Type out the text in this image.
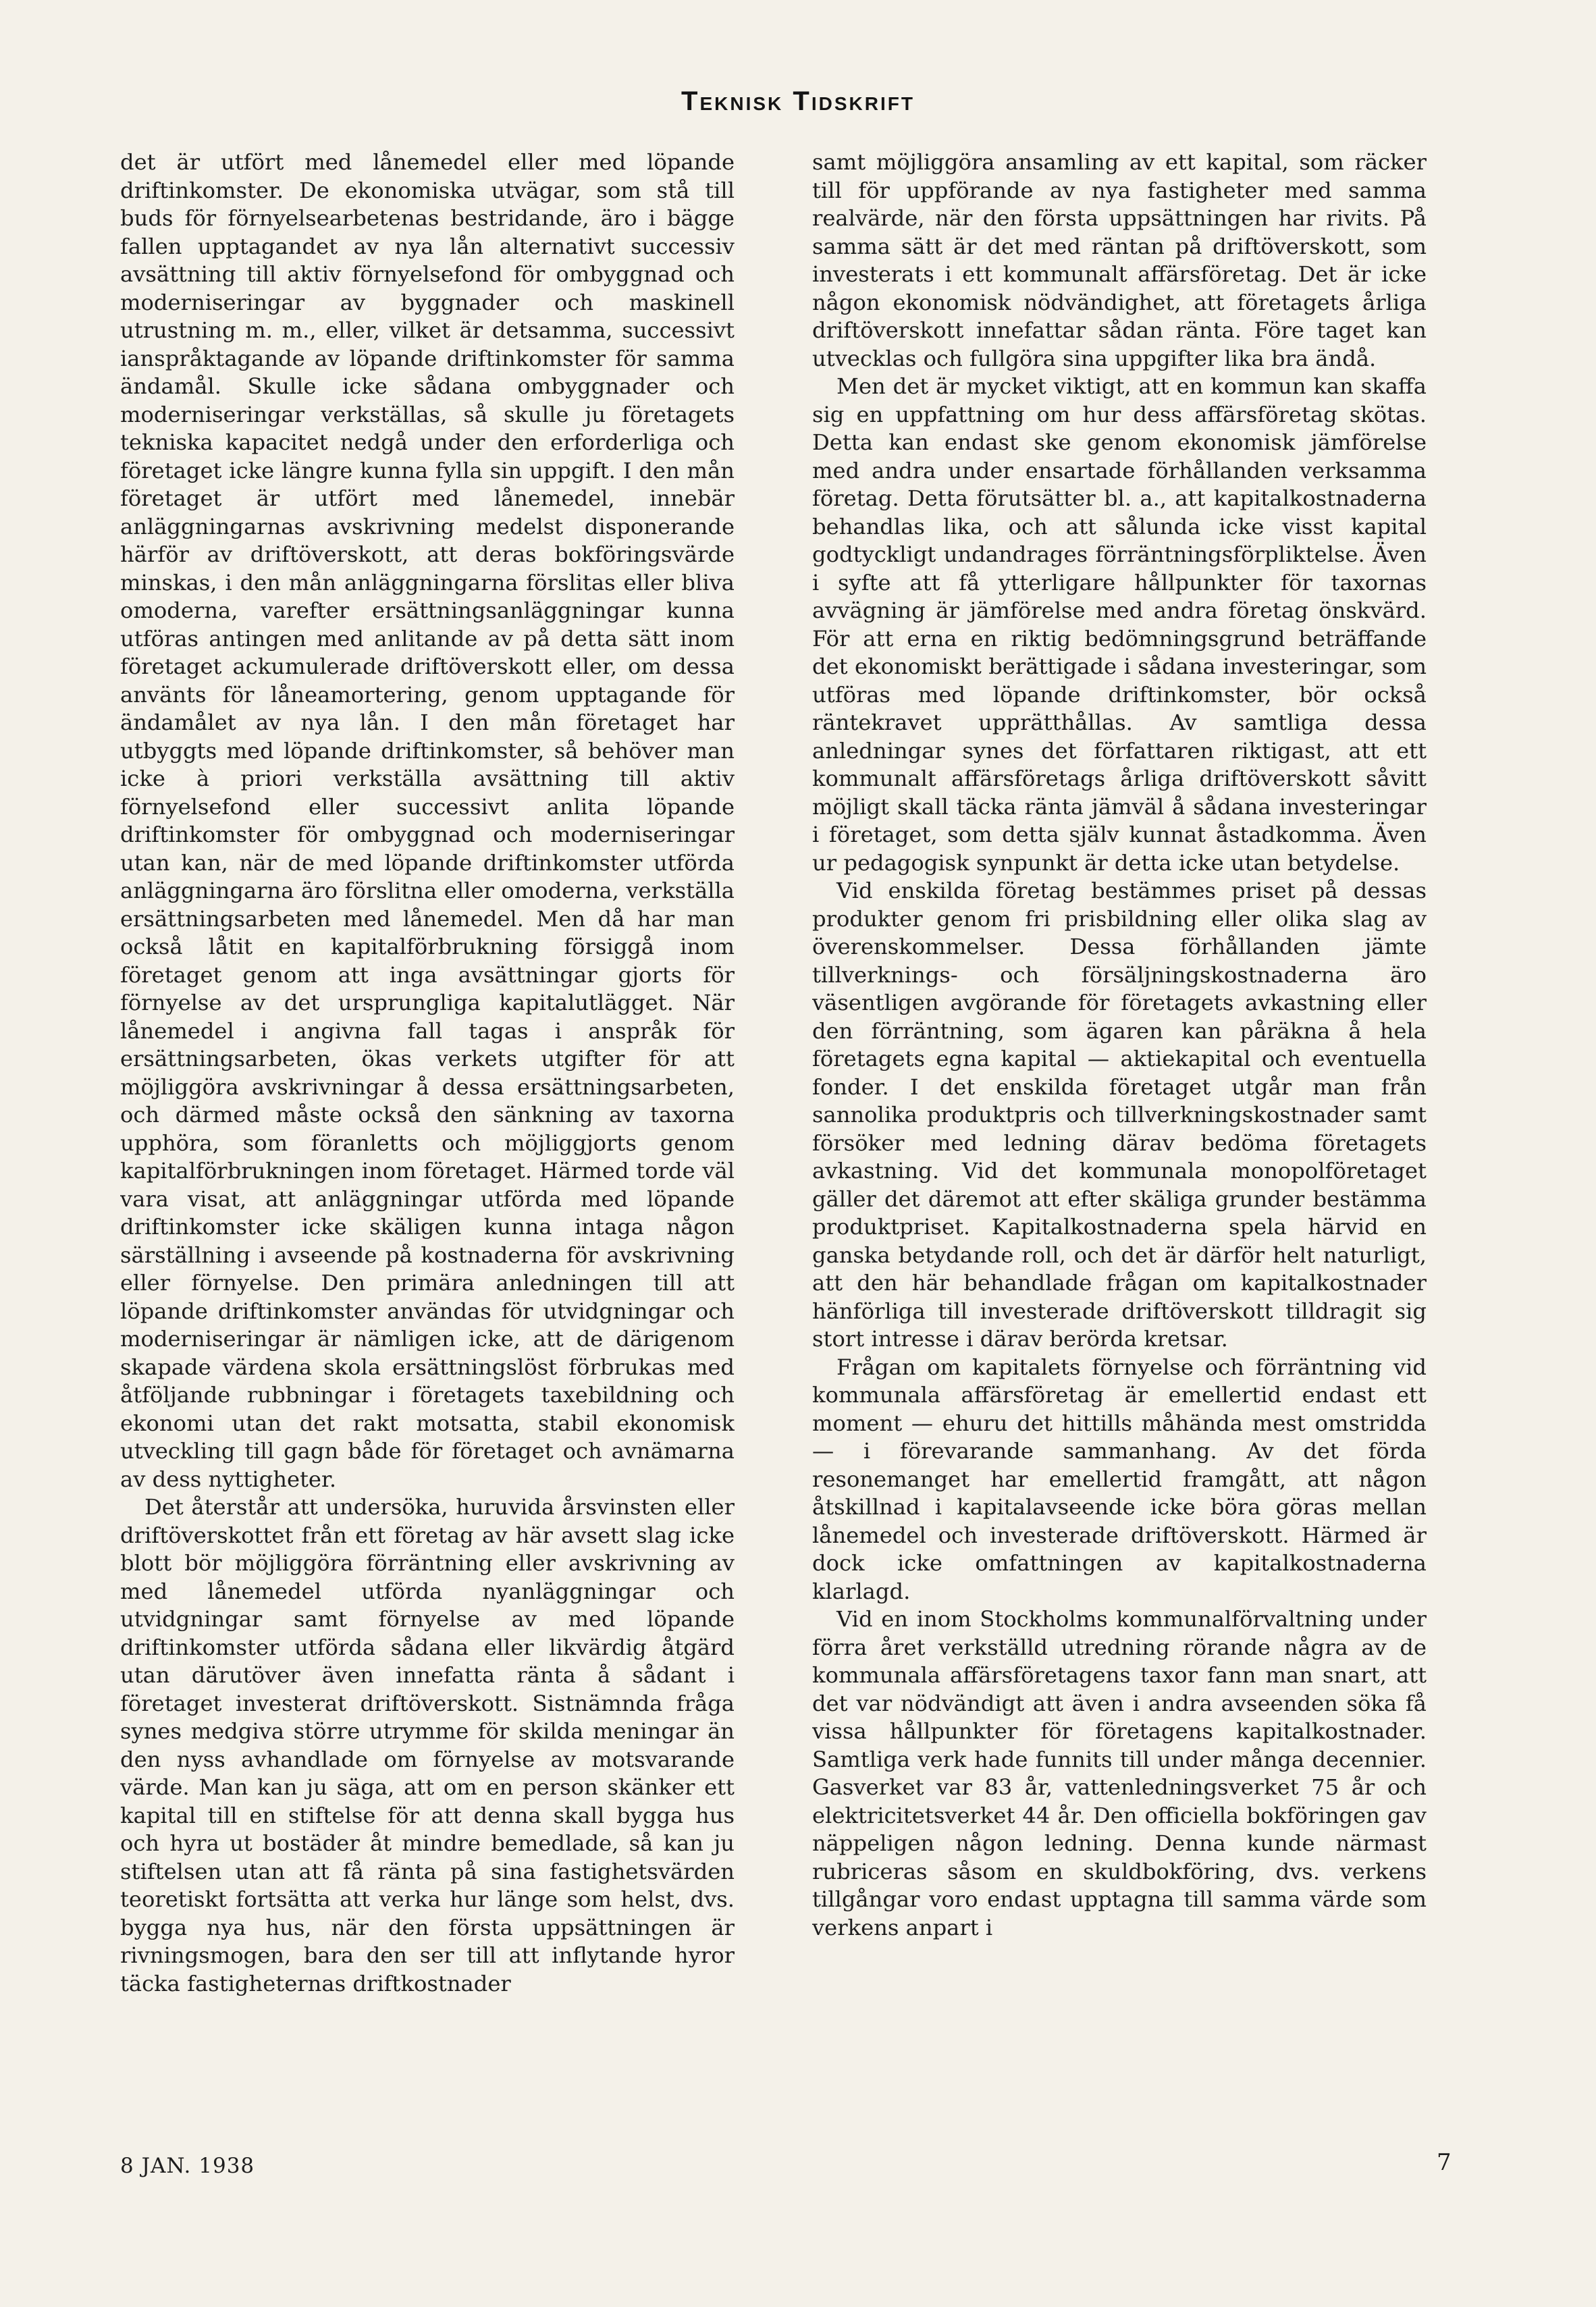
Teknisk Tidskrift

det är utfört med lånemedel eller med löpande driftinkomster. De ekonomiska utvägar, som stå till buds för förnyelsearbetenas bestridande, äro i bägge fallen upptagandet av nya lån alternativt successiv avsättning till aktiv förnyelsefond för ombyggnad och moderniseringar av byggnader och maskinell utrustning m. m., eller, vilket är detsamma, successivt ianspråktagande av löpande driftinkomster för samma ändamål. Skulle icke sådana ombyggnader och moderniseringar verkställas, så skulle ju företagets tekniska kapacitet nedgå under den erforderliga och företaget icke längre kunna fylla sin uppgift. I den mån företaget är utfört med lånemedel, innebär anläggningarnas avskrivning medelst disponerande härför av driftöverskott, att deras bokföringsvärde minskas, i den mån anläggningarna förslitas eller bliva omoderna, varefter ersättningsanläggningar kunna utföras antingen med anlitande av på detta sätt inom företaget ackumulerade driftöverskott eller, om dessa använts för låneamortering, genom upptagande för ändamålet av nya lån. I den mån företaget har utbyggts med löpande driftinkomster, så behöver man icke à priori verkställa avsättning till aktiv förnyelsefond eller successivt anlita löpande driftinkomster för ombyggnad och moderniseringar utan kan, när de med löpande driftinkomster utförda anläggningarna äro förslitna eller omoderna, verkställa ersättningsarbeten med lånemedel. Men då har man också låtit en kapitalförbrukning försiggå inom företaget genom att inga avsättningar gjorts för förnyelse av det ursprungliga kapitalutlägget. När lånemedel i angivna fall tagas i anspråk för ersättningsarbeten, ökas verkets utgifter för att möjliggöra avskrivningar å dessa ersättningsarbeten, och därmed måste också den sänkning av taxorna upphöra, som föranletts och möjliggjorts genom kapitalförbrukningen inom företaget. Härmed torde väl vara visat, att anläggningar utförda med löpande driftinkomster icke skäligen kunna intaga någon särställning i avseende på kostnaderna för avskrivning eller förnyelse. Den primära anledningen till att löpande driftinkomster användas för utvidgningar och moderniseringar är nämligen icke, att de därigenom skapade värdena skola ersättningslöst förbrukas med åtföljande rubbningar i företagets taxebildning och ekonomi utan det rakt motsatta, stabil ekonomisk utveckling till gagn både för företaget och avnämarna av dess nyttigheter.

Det återstår att undersöka, huruvida årsvinsten eller driftöverskottet från ett företag av här avsett slag icke blott bör möjliggöra förräntning eller avskrivning av med lånemedel utförda nyanläggningar och utvidgningar samt förnyelse av med löpande driftinkomster utförda sådana eller likvärdig åtgärd utan därutöver även innefatta ränta å sådant i företaget investerat driftöverskott. Sistnämnda fråga synes medgiva större utrymme för skilda meningar än den nyss avhandlade om förnyelse av motsvarande värde. Man kan ju säga, att om en person skänker ett kapital till en stiftelse för att denna skall bygga hus och hyra ut bostäder åt mindre bemedlade, så kan ju stiftelsen utan att få ränta på sina fastighetsvärden teoretiskt fortsätta att verka hur länge som helst, dvs. bygga nya hus, när den första uppsättningen är rivningsmogen, bara den ser till att inflytande hyror täcka fastigheternas driftkostnader

samt möjliggöra ansamling av ett kapital, som räcker till för uppförande av nya fastigheter med samma realvärde, när den första uppsättningen har rivits. På samma sätt är det med räntan på driftöverskott, som investerats i ett kommunalt affärsföretag. Det är icke någon ekonomisk nödvändighet, att företagets årliga driftöverskott innefattar sådan ränta. Före taget kan utvecklas och fullgöra sina uppgifter lika bra ändå.

Men det är mycket viktigt, att en kommun kan skaffa sig en uppfattning om hur dess affärsföretag skötas. Detta kan endast ske genom ekonomisk jämförelse med andra under ensartade förhållanden verksamma företag. Detta förutsätter bl. a., att kapitalkostnaderna behandlas lika, och att sålunda icke visst kapital godtyckligt undandrages förräntningsförpliktelse. Även i syfte att få ytterligare hållpunkter för taxornas avvägning är jämförelse med andra företag önskvärd. För att erna en riktig bedömningsgrund beträffande det ekonomiskt berättigade i sådana investeringar, som utföras med löpande driftinkomster, bör också räntekravet upprätthållas. Av samtliga dessa anledningar synes det författaren riktigast, att ett kommunalt affärsföretags årliga driftöverskott såvitt möjligt skall täcka ränta jämväl å sådana investeringar i företaget, som detta själv kunnat åstadkomma. Även ur pedagogisk synpunkt är detta icke utan betydelse.

Vid enskilda företag bestämmes priset på dessas produkter genom fri prisbildning eller olika slag av överenskommelser. Dessa förhållanden jämte tillverknings- och försäljningskostnaderna äro väsentligen avgörande för företagets avkastning eller den förräntning, som ägaren kan påräkna å hela företagets egna kapital — aktiekapital och eventuella fonder. I det enskilda företaget utgår man från sannolika produktpris och tillverkningskostnader samt försöker med ledning därav bedöma företagets avkastning. Vid det kommunala monopolföretaget gäller det däremot att efter skäliga grunder bestämma produktpriset. Kapitalkostnaderna spela härvid en ganska betydande roll, och det är därför helt naturligt, att den här behandlade frågan om kapitalkostnader hänförliga till investerade driftöverskott tilldragit sig stort intresse i därav berörda kretsar.

Frågan om kapitalets förnyelse och förräntning vid kommunala affärsföretag är emellertid endast ett moment — ehuru det hittills måhända mest omstridda — i förevarande sammanhang. Av det förda resonemanget har emellertid framgått, att någon åtskillnad i kapitalavseende icke böra göras mellan lånemedel och investerade driftöverskott. Härmed är dock icke omfattningen av kapitalkostnaderna klarlagd.

Vid en inom Stockholms kommunalförvaltning under förra året verkställd utredning rörande några av de kommunala affärsföretagens taxor fann man snart, att det var nödvändigt att även i andra avseenden söka få vissa hållpunkter för företagens kapitalkostnader. Samtliga verk hade funnits till under många decennier. Gasverket var 83 år, vattenledningsverket 75 år och elektricitetsverket 44 år. Den officiella bokföringen gav näppeligen någon ledning. Denna kunde närmast rubriceras såsom en skuldbokföring, dvs. verkens tillgångar voro endast upptagna till samma värde som verkens anpart i

8 JAN. 1938	7
